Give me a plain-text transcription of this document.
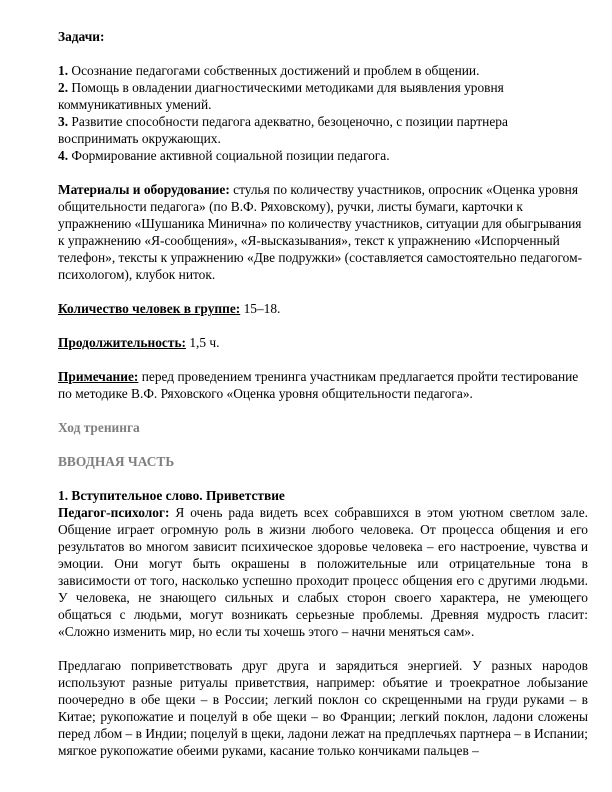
Задачи:

1. Осознание педагогами собственных достижений и проблем в общении.

2. Помощь в овладении диагностическими методиками для выявления уровня коммуникативных умений.

3. Развитие способности педагога адекватно, безоценочно, с позиции партнера воспринимать окружающих.

4. Формирование активной социальной позиции педагога.

Материалы и оборудование: стулья по количеству участников, опросник «Оценка уровня общительности педагога» (по В.Ф. Ряховскому), ручки, листы бумаги, карточки к упражнению «Шушаника Минична» по количеству участников, ситуации для обыгрывания к упражнению «Я-сообщения», «Я-высказывания», текст к упражнению «Испорченный телефон», тексты к упражнению «Две подружки» (составляется самостоятельно педагогом-психологом), клубок ниток.

Количество человек в группе: 15–18.

Продолжительность: 1,5 ч.

Примечание: перед проведением тренинга участникам предлагается пройти тестирование по методике В.Ф. Ряховского «Оценка уровня общительности педагога».

Ход тренинга

ВВОДНАЯ ЧАСТЬ

1. Вступительное слово. Приветствие

Педагог-психолог: Я очень рада видеть всех собравшихся в этом уютном светлом зале. Общение играет огромную роль в жизни любого человека. От процесса общения и его результатов во многом зависит психическое здоровье человека – его настроение, чувства и эмоции. Они могут быть окрашены в положительные или отрицательные тона в зависимости от того, насколько успешно проходит процесс общения его с другими людьми. У человека, не знающего сильных и слабых сторон своего характера, не умеющего общаться с людьми, могут возникать серьезные проблемы. Древняя мудрость гласит: «Сложно изменить мир, но если ты хочешь этого – начни меняться сам».

Предлагаю поприветствовать друг друга и зарядиться энергией. У разных народов используют разные ритуалы приветствия, например: объятие и троекратное лобызание поочередно в обе щеки – в России; легкий поклон со скрещенными на груди руками – в Китае; рукопожатие и поцелуй в обе щеки – во Франции; легкий поклон, ладони сложены перед лбом – в Индии; поцелуй в щеки, ладони лежат на предплечьях партнера – в Испании; мягкое рукопожатие обеими руками, касание только кончиками пальцев –
